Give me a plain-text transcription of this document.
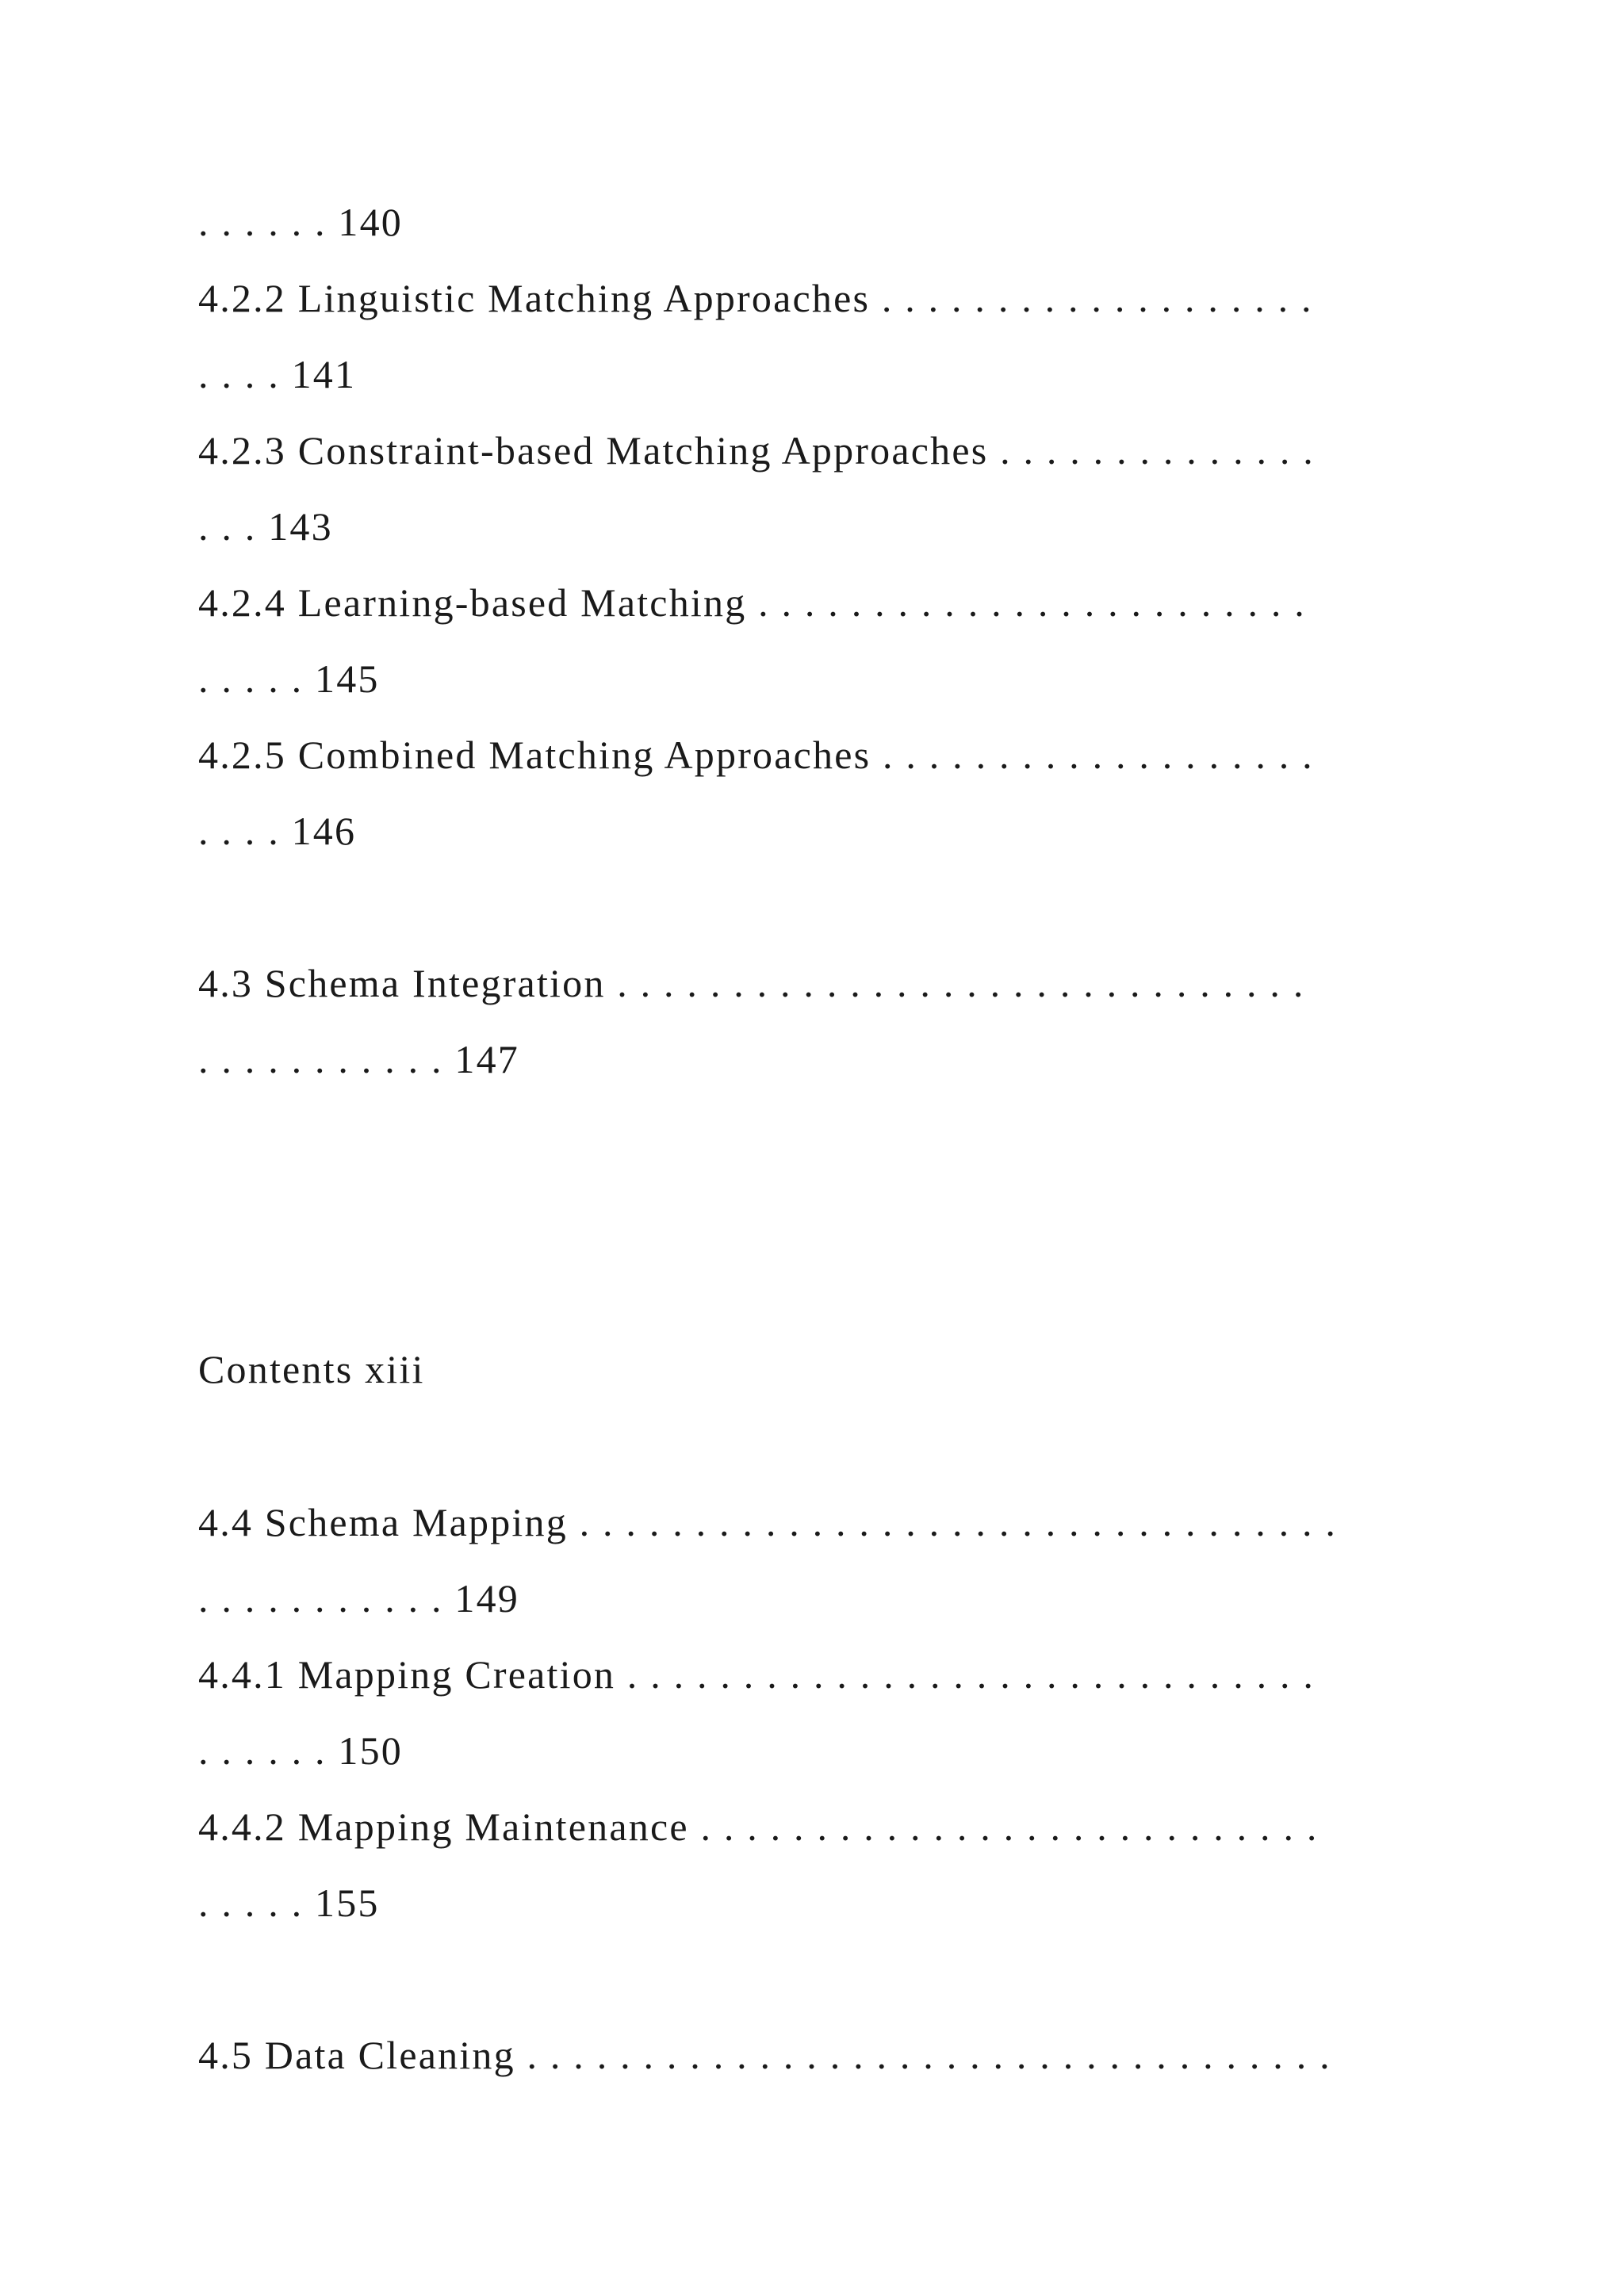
. . . . . . 140

4.2.2 Linguistic Matching Approaches . . . . . . . . . . . . . . . . . . .

. . . . 141

4.2.3 Constraint-based Matching Approaches . . . . . . . . . . . . . .

. . . 143

4.2.4 Learning-based Matching . . . . . . . . . . . . . . . . . . . . . . . .

. . . . . 145

4.2.5 Combined Matching Approaches . . . . . . . . . . . . . . . . . . .

. . . . 146

4.3 Schema Integration . . . . . . . . . . . . . . . . . . . . . . . . . . . . . .

. . . . . . . . . . . 147

Contents xiii

4.4 Schema Mapping . . . . . . . . . . . . . . . . . . . . . . . . . . . . . . . . .

. . . . . . . . . . . 149

4.4.1 Mapping Creation . . . . . . . . . . . . . . . . . . . . . . . . . . . . . .

. . . . . . 150

4.4.2 Mapping Maintenance . . . . . . . . . . . . . . . . . . . . . . . . . . .

. . . . . 155

4.5 Data Cleaning . . . . . . . . . . . . . . . . . . . . . . . . . . . . . . . . . . .
